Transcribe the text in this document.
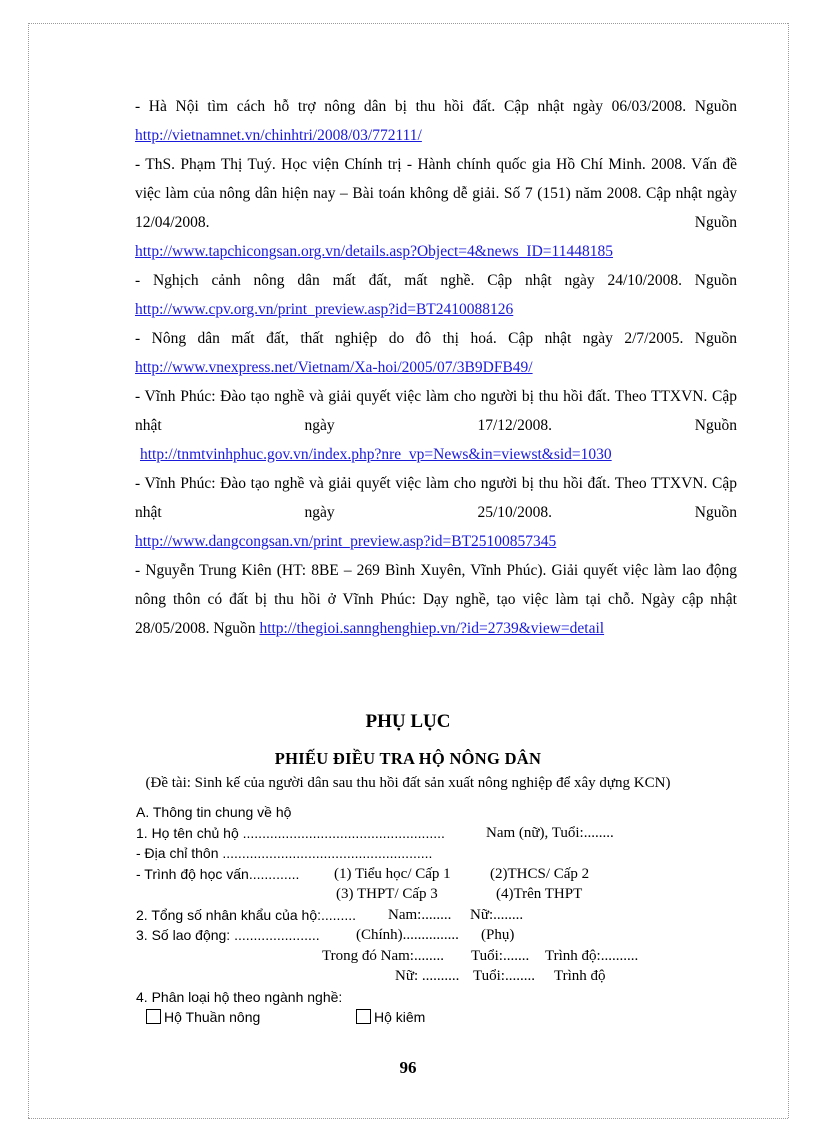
- Hà Nội tìm cách hỗ trợ nông dân bị thu hồi đất. Cập nhật ngày 06/03/2008. Nguồn
http://vietnamnet.vn/chinhtri/2008/03/772111/

- ThS. Phạm Thị Tuý. Học viện Chính trị - Hành chính quốc gia Hồ Chí Minh. 2008. Vấn đề việc làm của nông dân hiện nay – Bài toán không dễ giải. Số 7 (151) năm 2008. Cập nhật ngày 12/04/2008. Nguồn
http://www.tapchicongsan.org.vn/details.asp?Object=4&news_ID=11448185

- Nghịch cảnh nông dân mất đất, mất nghề. Cập nhật ngày 24/10/2008. Nguồn
http://www.cpv.org.vn/print_preview.asp?id=BT2410088126

- Nông dân mất đất, thất nghiệp do đô thị hoá. Cập nhật ngày 2/7/2005. Nguồn
http://www.vnexpress.net/Vietnam/Xa-hoi/2005/07/3B9DFB49/

- Vĩnh Phúc: Đào tạo nghề và giải quyết việc làm cho người bị thu hồi đất. Theo TTXVN. Cập nhật ngày 17/12/2008. Nguồn
http://tnmtvinhphuc.gov.vn/index.php?nre_vp=News&in=viewst&sid=1030

- Vĩnh Phúc: Đào tạo nghề và giải quyết việc làm cho người bị thu hồi đất. Theo TTXVN. Cập nhật ngày 25/10/2008. Nguồn
http://www.dangcongsan.vn/print_preview.asp?id=BT25100857345

- Nguyễn Trung Kiên (HT: 8BE – 269 Bình Xuyên, Vĩnh Phúc). Giải quyết việc làm lao động nông thôn có đất bị thu hồi ở Vĩnh Phúc: Dạy nghề, tạo việc làm tại chỗ. Ngày cập nhật 28/05/2008. Nguồn http://thegioi.sannghenghiep.vn/?id=2739&view=detail

PHỤ LỤC
PHIẾU ĐIỀU TRA HỘ NÔNG DÂN

(Đề tài: Sinh kế của người dân sau thu hồi đất sản xuất nông nghiệp để xây dựng KCN)

A. Thông tin chung về hộ
1. Họ tên chủ hộ ....................................................	Nam (nữ), Tuổi:........
- Địa chỉ thôn ......................................................
- Trình độ học vấn............. (1) Tiểu học/ Cấp 1	(2)THCS/ Cấp 2
(3) THPT/ Cấp 3	(4)Trên THPT
2. Tổng số nhân khẩu của hộ:......... Nam:........ Nữ:........
3. Số lao động: ...................... (Chính)............... (Phụ)
Trong đó Nam:........ Tuổi:....... Trình độ:..........
Nữ: .......... Tuổi:........ Trình độ
4. Phân loại hộ theo ngành nghề:
Hộ Thuần nông	Hộ kiêm

96
